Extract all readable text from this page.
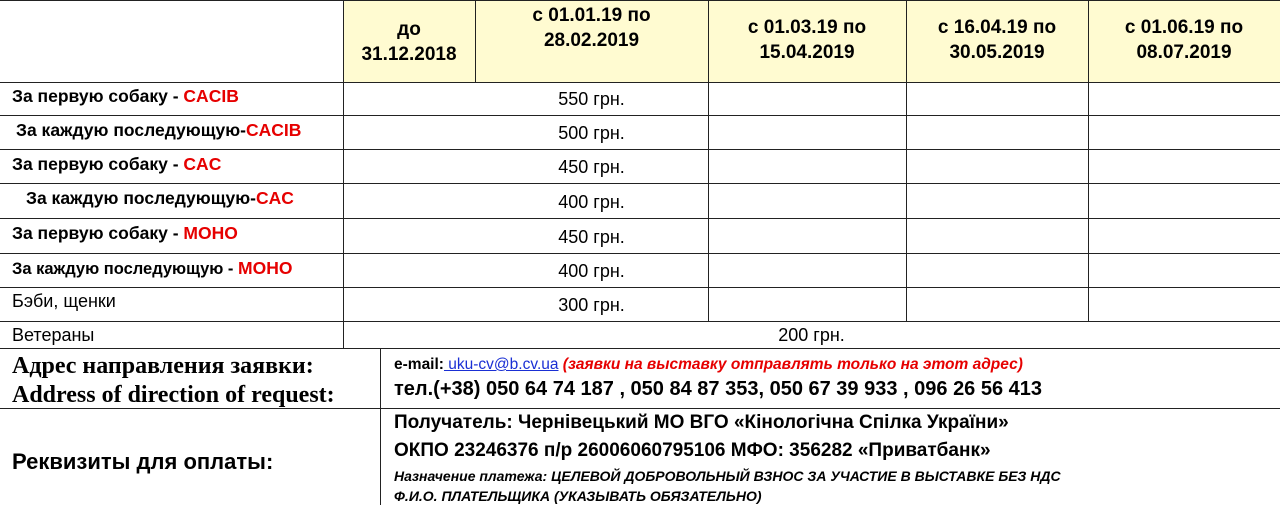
до
31.12.2018
с 01.01.19 по
28.02.2019
с 01.03.19 по
15.04.2019
с 16.04.19 по
30.05.2019
с 01.06.19 по
08.07.2019
За первую собаку - CACIB
За каждую последующую-CACIB
За первую собаку - CAC
За каждую последующую-CAC
За первую собаку - MOHO
За каждую последующую - MOHO
Бэби, щенки
Ветераны
550 грн.
500 грн.
450 грн.
400 грн.
450 грн.
400 грн.
300 грн.
200 грн.
Адрес направления заявки:
Address of direction of request:
e-mail: uku-cv@b.cv.ua (заявки на выставку отправлять только на этот адрес)
тел.(+38) 050 64 74 187 , 050 84 87 353, 050 67 39 933 , 096 26 56 413
Реквизиты для оплаты:
Получатель: Чернівецький МО ВГО «Кінологічна Спілка України»
ОКПО 23246376 п/р 26006060795106 МФО: 356282 «Приватбанк»
Назначение платежа: ЦЕЛЕВОЙ ДОБРОВОЛЬНЫЙ ВЗНОС ЗА УЧАСТИЕ В ВЫСТАВКЕ БЕЗ НДС
Ф.И.О. ПЛАТЕЛЬЩИКА (УКАЗЫВАТЬ ОБЯЗАТЕЛЬНО)
